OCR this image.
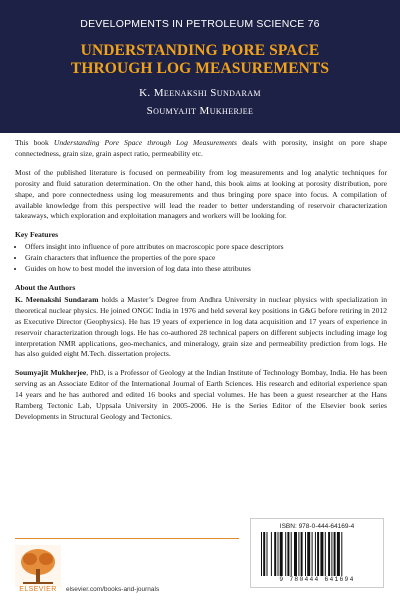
DEVELOPMENTS IN PETROLEUM SCIENCE 76
UNDERSTANDING PORE SPACE
THROUGH LOG MEASUREMENTS
K. Meenakshi Sundaram
Soumyajit Mukherjee

This book Understanding Pore Space through Log Measurements deals with porosity, insight on pore shape connectedness, grain size, grain aspect ratio, permeability etc.

Most of the published literature is focused on permeability from log measurements and log analytic techniques for porosity and fluid saturation determination. On the other hand, this book aims at looking at porosity distribution, pore shape, and pore connectedness using log measurements and thus bringing pore space into focus. A compilation of available knowledge from this perspective will lead the reader to better understanding of reservoir characterization takeaways, which exploration and exploitation managers and workers will be looking for.

Key Features
• Offers insight into influence of pore attributes on macroscopic pore space descriptors
• Grain characters that influence the properties of the pore space
• Guides on how to best model the inversion of log data into these attributes
About the Authors

K. Meenakshi Sundaram holds a Master’s Degree from Andhra University in nuclear physics with specialization in theoretical nuclear physics. He joined ONGC India in 1976 and held several key positions in G&G before retiring in 2012 as Executive Director (Geophysics). He has 19 years of experience in log data acquisition and 17 years of experience in reservoir characterization through logs. He has co-authored 28 technical papers on different subjects including image log interpretation NMR applications, geo-mechanics, and mineralogy, grain size and permeability prediction from logs. He has also guided eight M.Tech. dissertation projects.

Soumyajit Mukherjee, PhD, is a Professor of Geology at the Indian Institute of Technology Bombay, India. He has been serving as an Associate Editor of the International Journal of Earth Sciences. His research and editorial experience span 14 years and he has authored and edited 16 books and special volumes. He has been a guest researcher at the Hans Ramberg Tectonic Lab, Uppsala University in 2005-2006. He is the Series Editor of the Elsevier book series Developments in Structural Geology and Tectonics.

ELSEVIER	elsevier.com/books-and-journals
ISBN: 978-0-444-64169-4
9 780444 641694
